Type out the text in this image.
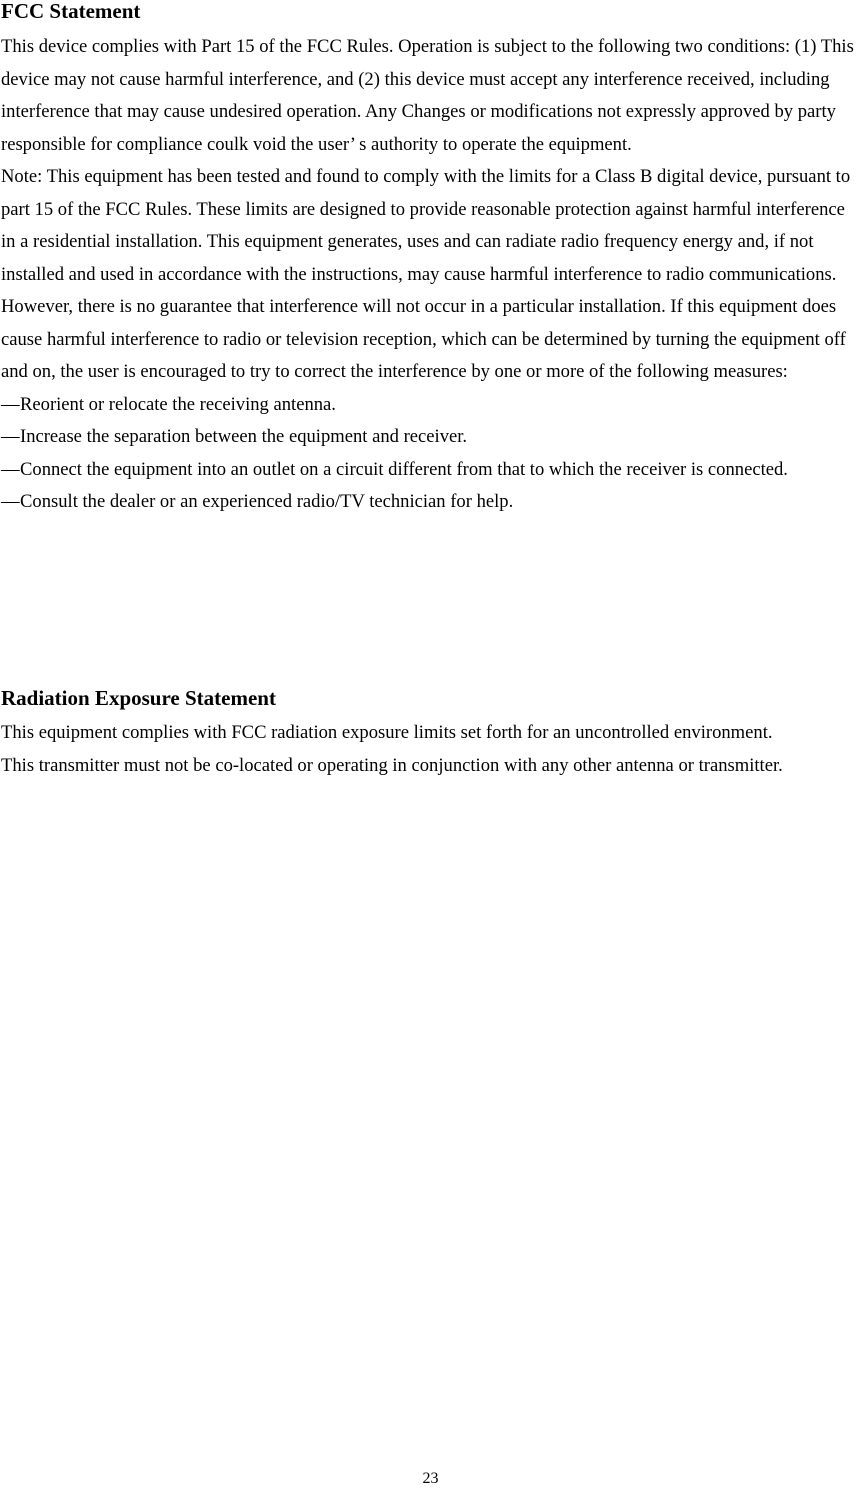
FCC Statement

This device complies with Part 15 of the FCC Rules. Operation is subject to the following two conditions: (1) This device may not cause harmful interference, and (2) this device must accept any interference received, including interference that may cause undesired operation. Any Changes or modifications not expressly approved by party responsible for compliance coulk void the user’ s authority to operate the equipment.

Note: This equipment has been tested and found to comply with the limits for a Class B digital device, pursuant to part 15 of the FCC Rules. These limits are designed to provide reasonable protection against harmful interference in a residential installation. This equipment generates, uses and can radiate radio frequency energy and, if not installed and used in accordance with the instructions, may cause harmful interference to radio communications. However, there is no guarantee that interference will not occur in a particular installation. If this equipment does cause harmful interference to radio or television reception, which can be determined by turning the equipment off and on, the user is encouraged to try to correct the interference by one or more of the following measures:

—Reorient or relocate the receiving antenna.

—Increase the separation between the equipment and receiver.

—Connect the equipment into an outlet on a circuit different from that to which the receiver is connected.

—Consult the dealer or an experienced radio/TV technician for help.

Radiation Exposure Statement

This equipment complies with FCC radiation exposure limits set forth for an uncontrolled environment.

This transmitter must not be co-located or operating in conjunction with any other antenna or transmitter.

23
